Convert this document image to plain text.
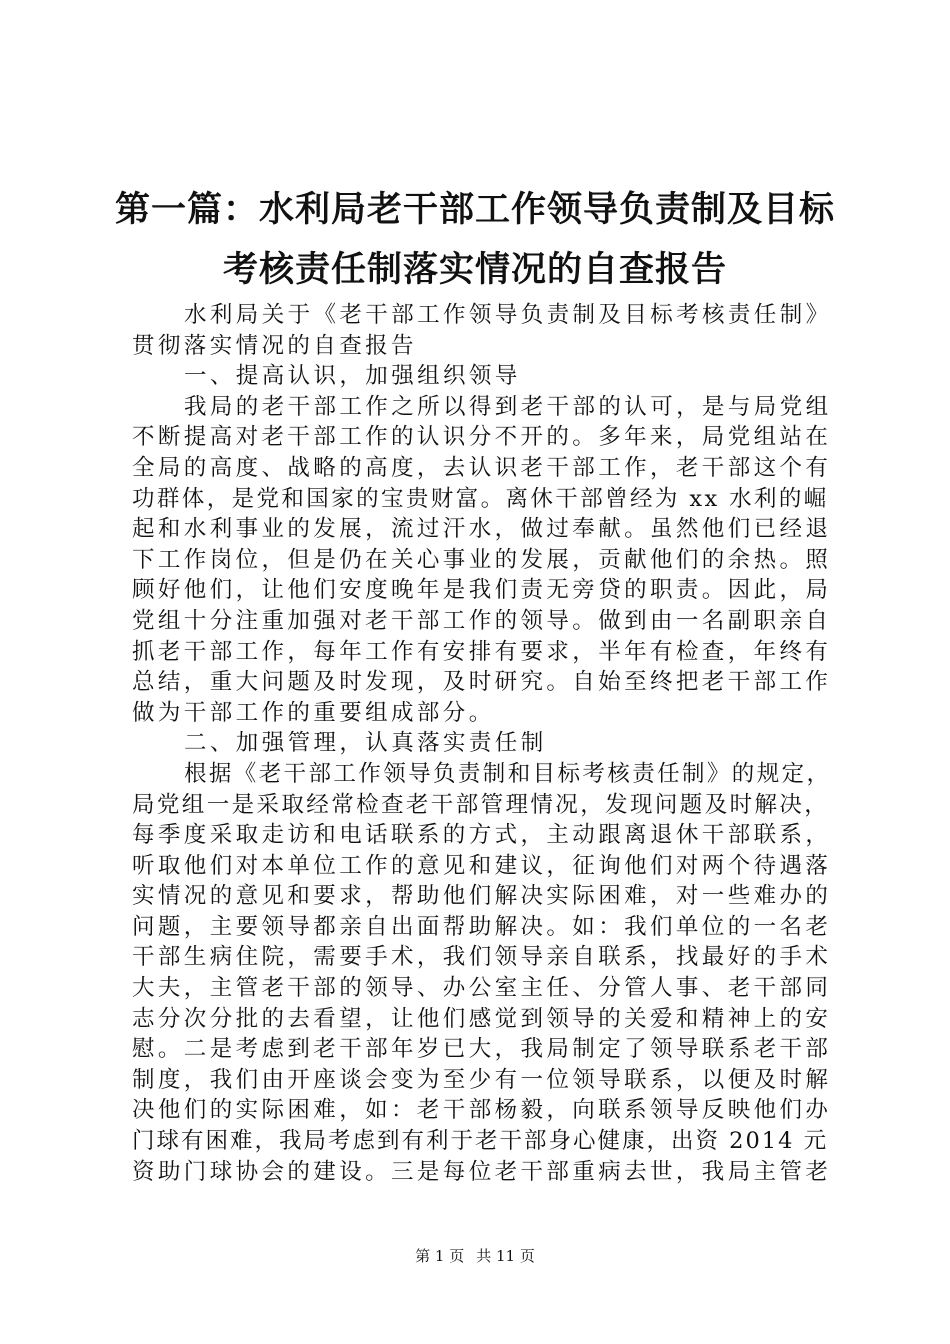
第一篇：水利局老干部工作领导负责制及目标
考核责任制落实情况的自查报告
水利局关于《老干部工作领导负责制及目标考核责任制》
贯彻落实情况的自查报告
一、提高认识，加强组织领导
我局的老干部工作之所以得到老干部的认可，是与局党组
不断提高对老干部工作的认识分不开的。多年来，局党组站在
全局的高度、战略的高度，去认识老干部工作，老干部这个有
功群体，是党和国家的宝贵财富。离休干部曾经为 xx 水利的崛
起和水利事业的发展，流过汗水，做过奉献。虽然他们已经退
下工作岗位，但是仍在关心事业的发展，贡献他们的余热。照
顾好他们，让他们安度晚年是我们责无旁贷的职责。因此，局
党组十分注重加强对老干部工作的领导。做到由一名副职亲自
抓老干部工作，每年工作有安排有要求，半年有检查，年终有
总结，重大问题及时发现，及时研究。自始至终把老干部工作
做为干部工作的重要组成部分。
二、加强管理，认真落实责任制
根据《老干部工作领导负责制和目标考核责任制》的规定，
局党组一是采取经常检查老干部管理情况，发现问题及时解决，
每季度采取走访和电话联系的方式，主动跟离退休干部联系，
听取他们对本单位工作的意见和建议，征询他们对两个待遇落
实情况的意见和要求，帮助他们解决实际困难，对一些难办的
问题，主要领导都亲自出面帮助解决。如：我们单位的一名老
干部生病住院，需要手术，我们领导亲自联系，找最好的手术
大夫，主管老干部的领导、办公室主任、分管人事、老干部同
志分次分批的去看望，让他们感觉到领导的关爱和精神上的安
慰。二是考虑到老干部年岁已大，我局制定了领导联系老干部
制度，我们由开座谈会变为至少有一位领导联系，以便及时解
决他们的实际困难，如：老干部杨毅，向联系领导反映他们办
门球有困难，我局考虑到有利于老干部身心健康，出资 2014 元
资助门球协会的建设。三是每位老干部重病去世，我局主管老
第 1 页 共 11 页
